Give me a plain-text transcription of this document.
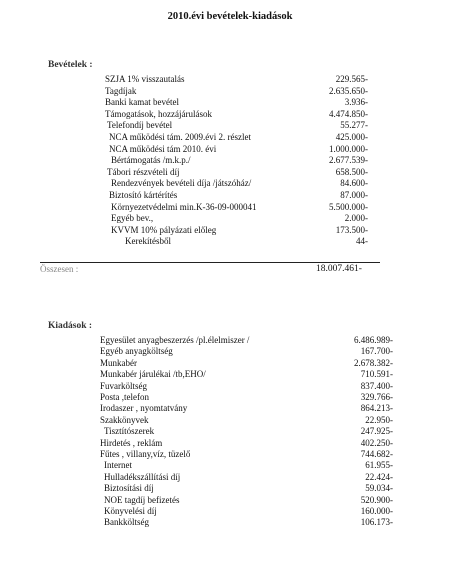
2010.évi bevételek-kiadások
Bevételek :
SZJA 1% visszautalás	229.565-
Tagdíjak	2.635.650-
Banki kamat bevétel	3.936-
Támogatások, hozzájárulások	4.474.850-
Telefondíj bevétel	55.277-
NCA működési tám. 2009.évi 2. részlet	425.000-
NCA működési tám 2010. évi	1.000.000-
Bértámogatás /m.k.p./	2.677.539-
Tábori részvételi díj	658.500-
Rendezvények bevételi díja /játszóház/	84.600-
Biztosító kártérítés	87.000-
Környezetvédelmi min.K-36-09-000041	5.500.000-
Egyéb bev.,	2.000-
KVVM 10% pályázati előleg	173.500-
Kerekítésből	44-
Összesen :	18.007.461-
Kiadások :
Egyesület anyagbeszerzés /pl.élelmiszer /	6.486.989-
Egyéb anyagköltség	167.700-
Munkabér	2.678.382-
Munkabér járulékai /tb,EHO/	710.591-
Fuvarköltség	837.400-
Posta ,telefon	329.766-
Irodaszer , nyomtatvány	864.213-
Szakkönyvek	22.950-
Tisztítószerek	247.925-
Hirdetés , reklám	402.250-
Fűtes , villany,víz, tüzelő	744.682-
Internet	61.955-
Hulladékszállítási díj	22.424-
Biztosítási díj	59.034-
NOE tagdíj befizetés	520.900-
Könyvelési díj	160.000-
Bankköltség	106.173-
